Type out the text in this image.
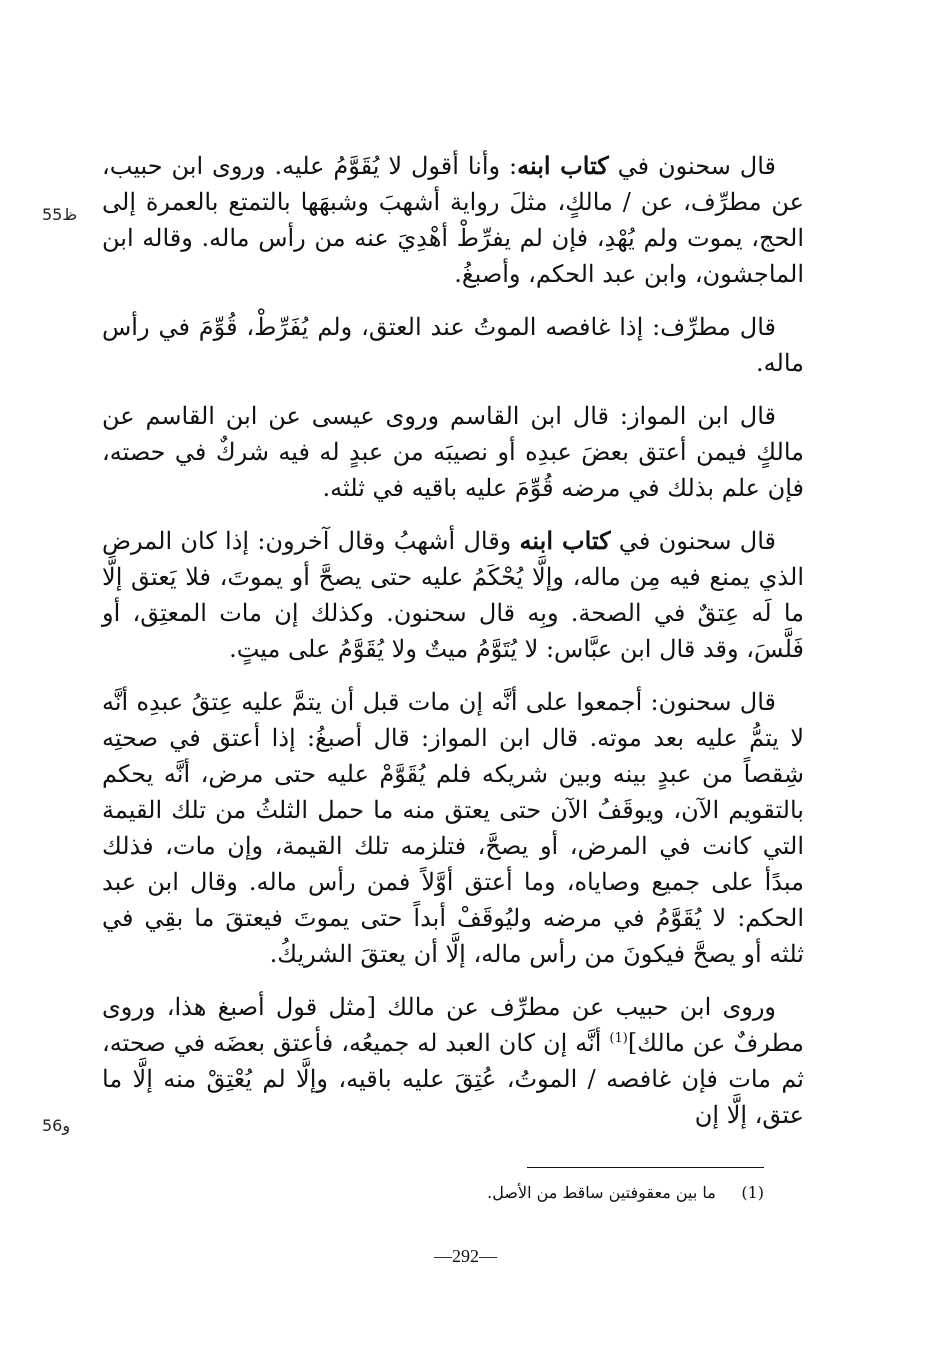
قال سحنون في كتاب ابنه: وأنا أقول لا يُقَوَّمُ عليه. وروى ابن حبيب، عن مطرِّف، عن / مالكٍ، مثلَ رواية أشهبَ وشبهَها بالتمتع بالعمرة إلى الحج، يموت ولم يُهْدِ، فإن لم يفرِّطْ أهْدِيَ عنه من رأس ماله. وقاله ابن الماجشون، وابن عبد الحكم، وأصبغُ.

قال مطرِّف: إذا غافصه الموتُ عند العتق، ولم يُفَرِّطْ، قُوِّمَ في رأس ماله.

قال ابن المواز: قال ابن القاسم وروى عيسى عن ابن القاسم عن مالكٍ فيمن أعتق بعضَ عبدِه أو نصيبَه من عبدٍ له فيه شركٌ في حصته، فإن علم بذلك في مرضه قُوِّمَ عليه باقيه في ثلثه.

قال سحنون في كتاب ابنه وقال أشهبُ وقال آخرون: إذا كان المرض الذي يمنع فيه مِن ماله، وإلَّا يُحْكَمُ عليه حتى يصحَّ أو يموتَ، فلا يَعتق إلَّا ما لَه عِتقٌ في الصحة. وبِه قال سحنون. وكذلك إن مات المعتِق، أو فَلَّسَ، وقد قال ابن عبَّاس: لا يُتَوَّمُ ميتٌ ولا يُقَوَّمُ على ميتٍ.

قال سحنون: أجمعوا على أنَّه إن مات قبل أن يتمَّ عليه عِتقُ عبدِه أنَّه لا يتمُّ عليه بعد موته. قال ابن المواز: قال أصبغُ: إذا أعتق في صحتِه شِقصاً من عبدٍ بينه وبين شريكه فلم يُقَوَّمْ عليه حتى مرض، أنَّه يحكم بالتقويم الآن، ويوقَفُ الآن حتى يعتق منه ما حمل الثلثُ من تلك القيمة التي كانت في المرض، أو يصحَّ، فتلزمه تلك القيمة، وإن مات، فذلك مبدًأ على جميع وصاياه، وما أعتق أوَّلاً فمن رأس ماله. وقال ابن عبد الحكم: لا يُقَوَّمُ في مرضه وليُوقَفْ أبداً حتى يموتَ فيعتقَ ما بقِي في ثلثه أو يصحَّ فيكونَ من رأس ماله، إلَّا أن يعتقَ الشريكُ.

وروى ابن حبيب عن مطرِّف عن مالك [مثل قول أصبغ هذا، وروى مطرفٌ عن مالك]$^{(1)}$ أنَّه إن كان العبد له جميعُه، فأعتق بعضَه في صحته، ثم مات فإن غافصه / الموتُ، عُتِقَ عليه باقيه، وإلَّا لم يُعْتِقْ منه إلَّا ما عتق، إلَّا إن

ظ55
و56
(1)     ما بين معقوفتين ساقط من الأصل.
—292—
